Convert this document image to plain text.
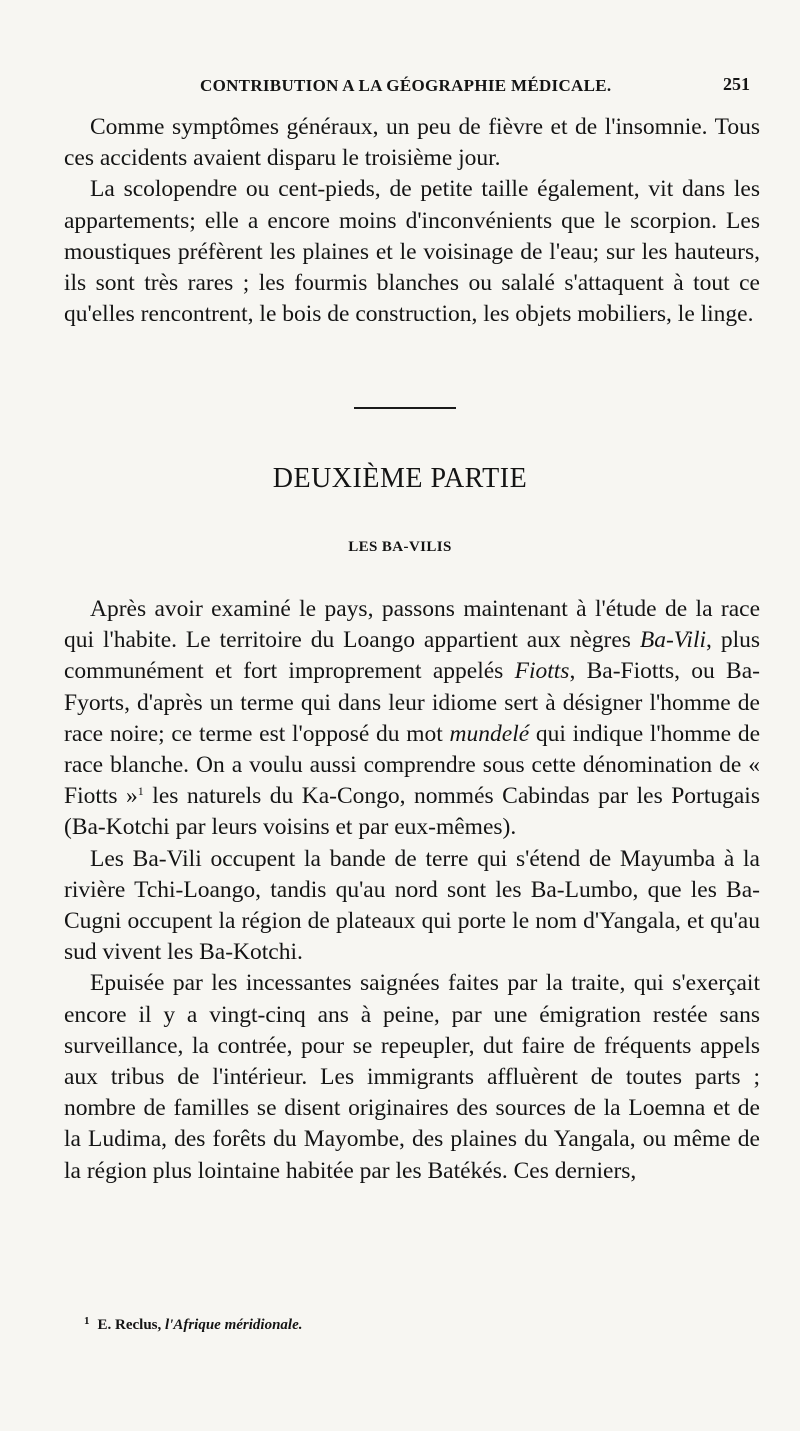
CONTRIBUTION A LA GÉOGRAPHIE MÉDICALE.	251

Comme symptômes généraux, un peu de fièvre et de l'insomnie. Tous ces accidents avaient disparu le troisième jour.

La scolopendre ou cent-pieds, de petite taille également, vit dans les appartements; elle a encore moins d'inconvénients que le scorpion. Les moustiques préfèrent les plaines et le voisinage de l'eau; sur les hauteurs, ils sont très rares ; les fourmis blanches ou salalé s'attaquent à tout ce qu'elles rencontrent, le bois de construction, les objets mobiliers, le linge.

DEUXIÈME PARTIE
LES BA-VILIS

Après avoir examiné le pays, passons maintenant à l'étude de la race qui l'habite. Le territoire du Loango appartient aux nègres Ba-Vili, plus communément et fort improprement appelés Fiotts, Ba-Fiotts, ou Ba-Fyorts, d'après un terme qui dans leur idiome sert à désigner l'homme de race noire; ce terme est l'opposé du mot mundelé qui indique l'homme de race blanche. On a voulu aussi comprendre sous cette dénomination de « Fiotts »$^1$ les naturels du Ka-Congo, nommés Cabindas par les Portugais (Ba-Kotchi par leurs voisins et par eux-mêmes).

Les Ba-Vili occupent la bande de terre qui s'étend de Mayumba à la rivière Tchi-Loango, tandis qu'au nord sont les Ba-Lumbo, que les Ba-Cugni occupent la région de plateaux qui porte le nom d'Yangala, et qu'au sud vivent les Ba-Kotchi.

Epuisée par les incessantes saignées faites par la traite, qui s'exerçait encore il y a vingt-cinq ans à peine, par une émigration restée sans surveillance, la contrée, pour se repeupler, dut faire de fréquents appels aux tribus de l'intérieur. Les immigrants affluèrent de toutes parts ; nombre de familles se disent originaires des sources de la Loemna et de la Ludima, des forêts du Mayombe, des plaines du Yangala, ou même de la région plus lointaine habitée par les Batékés. Ces derniers,

$^1$ E. Reclus, l'Afrique méridionale.
